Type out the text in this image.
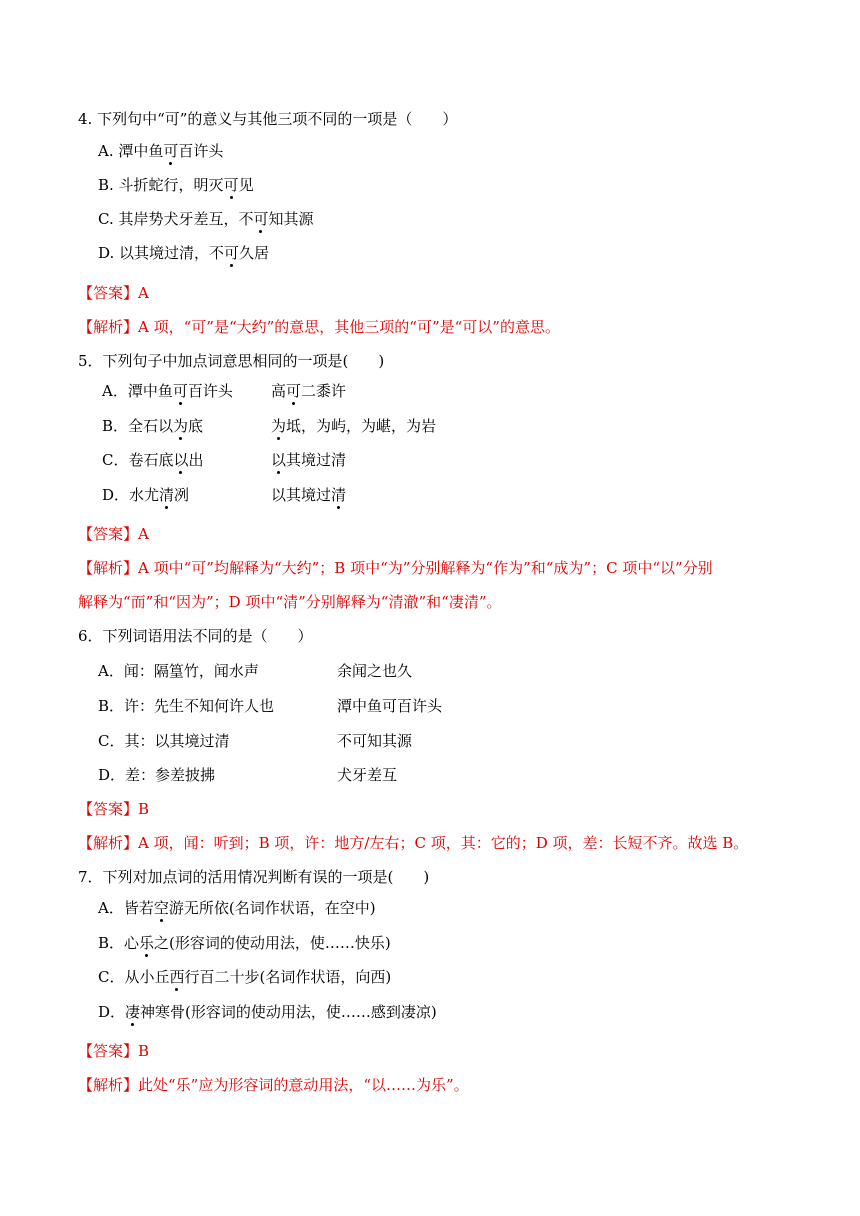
4. 下列句中“可”的意义与其他三项不同的一项是（　　）
A. 潭中鱼可百许头
B. 斗折蛇行，明灭可见
C. 其岸势犬牙差互，不可知其源
D. 以其境过清，不可久居
【答案】A
【解析】A 项，“可”是“大约”的意思，其他三项的“可”是“可以”的意思。
5．下列句子中加点词意思相同的一项是(　　)
A．潭中鱼可百许头	高可二黍许
B．全石以为底	为坻，为屿，为嵁，为岩
C．卷石底以出	以其境过清
D．水尤清冽	以其境过清
【答案】A
【解析】A 项中“可”均解释为“大约”；B 项中“为”分别解释为“作为”和“成为”；C 项中“以”分别
解释为“而”和“因为”；D 项中“清”分别解释为“清澈”和“凄清”。
6．下列词语用法不同的是（　　）
A．闻：隔篁竹，闻水声	余闻之也久
B．许：先生不知何许人也	潭中鱼可百许头
C．其：以其境过清	不可知其源
D．差：参差披拂	犬牙差互
【答案】B
【解析】A 项，闻：听到；B 项，许：地方/左右；C 项，其：它的；D 项，差：长短不齐。故选 B。
7．下列对加点词的活用情况判断有误的一项是(　　)
A．皆若空游无所依(名词作状语，在空中)
B．心乐之(形容词的使动用法，使……快乐)
C．从小丘西行百二十步(名词作状语，向西)
D．凄神寒骨(形容词的使动用法，使……感到凄凉)
【答案】B
【解析】此处“乐”应为形容词的意动用法，“以……为乐”。
